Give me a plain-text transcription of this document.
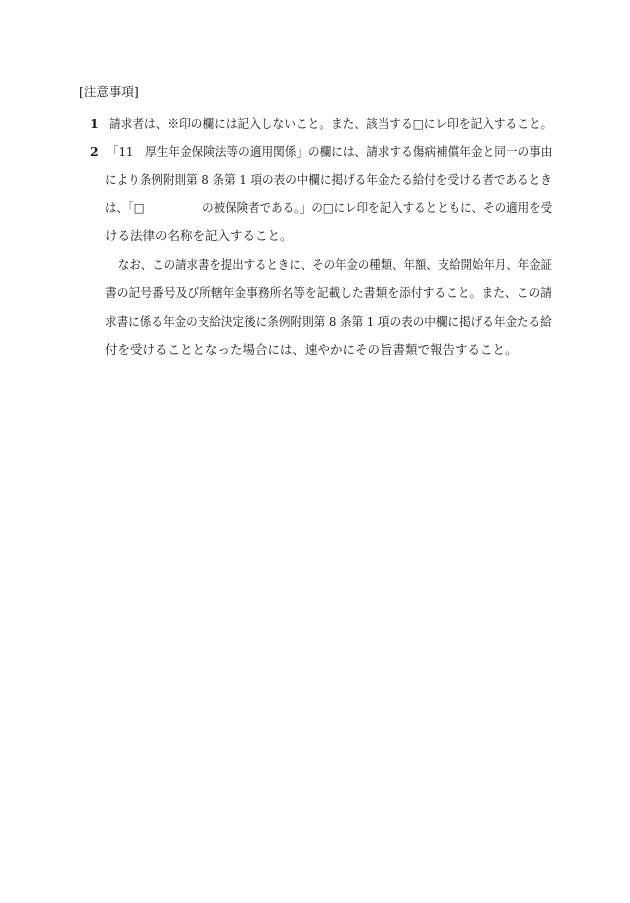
[注意事項]
1 請求者は、※印の欄には記入しないこと。また、該当する□にレ印を記入すること。
2 「11　厚生年金保険法等の適用関係」の欄には、請求する傷病補償年金と同一の事由
により条例附則第 8 条第 1 項の表の中欄に掲げる年金たる給付を受ける者であるとき
は、「□　　　　　の被保険者である。」の□にレ印を記入するとともに、その適用を受
ける法律の名称を記入すること。
なお、この請求書を提出するときに、その年金の種類、年額、支給開始年月、年金証
書の記号番号及び所轄年金事務所名等を記載した書類を添付すること。また、この請
求書に係る年金の支給決定後に条例附則第 8 条第 1 項の表の中欄に掲げる年金たる給
付を受けることとなった場合には、速やかにその旨書類で報告すること。
